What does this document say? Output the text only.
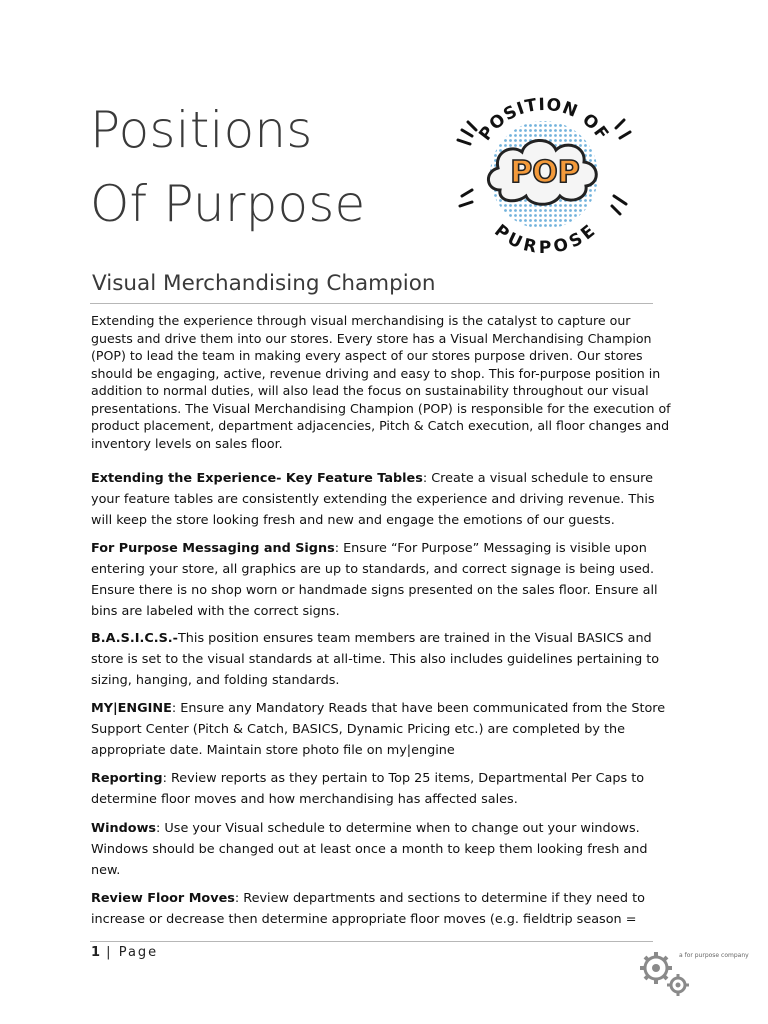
Positions
Of Purpose
POP
POSITION OF
PURPOSE
Visual Merchandising Champion
Extending the experience through visual merchandising is the catalyst to capture our guests and drive them into our stores. Every store has a Visual Merchandising Champion (POP) to lead the team in making every aspect of our stores purpose driven. Our stores should be engaging, active, revenue driving and easy to shop. This for-purpose position in addition to normal duties, will also lead the focus on sustainability throughout our visual presentations. The Visual Merchandising Champion (POP) is responsible for the execution of product placement, department adjacencies, Pitch & Catch execution, all floor changes and inventory levels on sales floor.
Extending the Experience- Key Feature Tables: Create a visual schedule to ensure your feature tables are consistently extending the experience and driving revenue. This will keep the store looking fresh and new and engage the emotions of our guests.
For Purpose Messaging and Signs: Ensure “For Purpose” Messaging is visible upon entering your store, all graphics are up to standards, and correct signage is being used. Ensure there is no shop worn or handmade signs presented on the sales floor. Ensure all bins are labeled with the correct signs.
B.A.S.I.C.S.-This position ensures team members are trained in the Visual BASICS and store is set to the visual standards at all-time. This also includes guidelines pertaining to sizing, hanging, and folding standards.
MY|ENGINE: Ensure any Mandatory Reads that have been communicated from the Store Support Center (Pitch & Catch, BASICS, Dynamic Pricing etc.) are completed by the appropriate date. Maintain store photo file on my|engine
Reporting: Review reports as they pertain to Top 25 items, Departmental Per Caps to determine floor moves and how merchandising has affected sales.
Windows: Use your Visual schedule to determine when to change out your windows. Windows should be changed out at least once a month to keep them looking fresh and new.
Review Floor Moves: Review departments and sections to determine if they need to increase or decrease then determine appropriate floor moves (e.g. fieldtrip season =
1 | Page	a for purpose company
